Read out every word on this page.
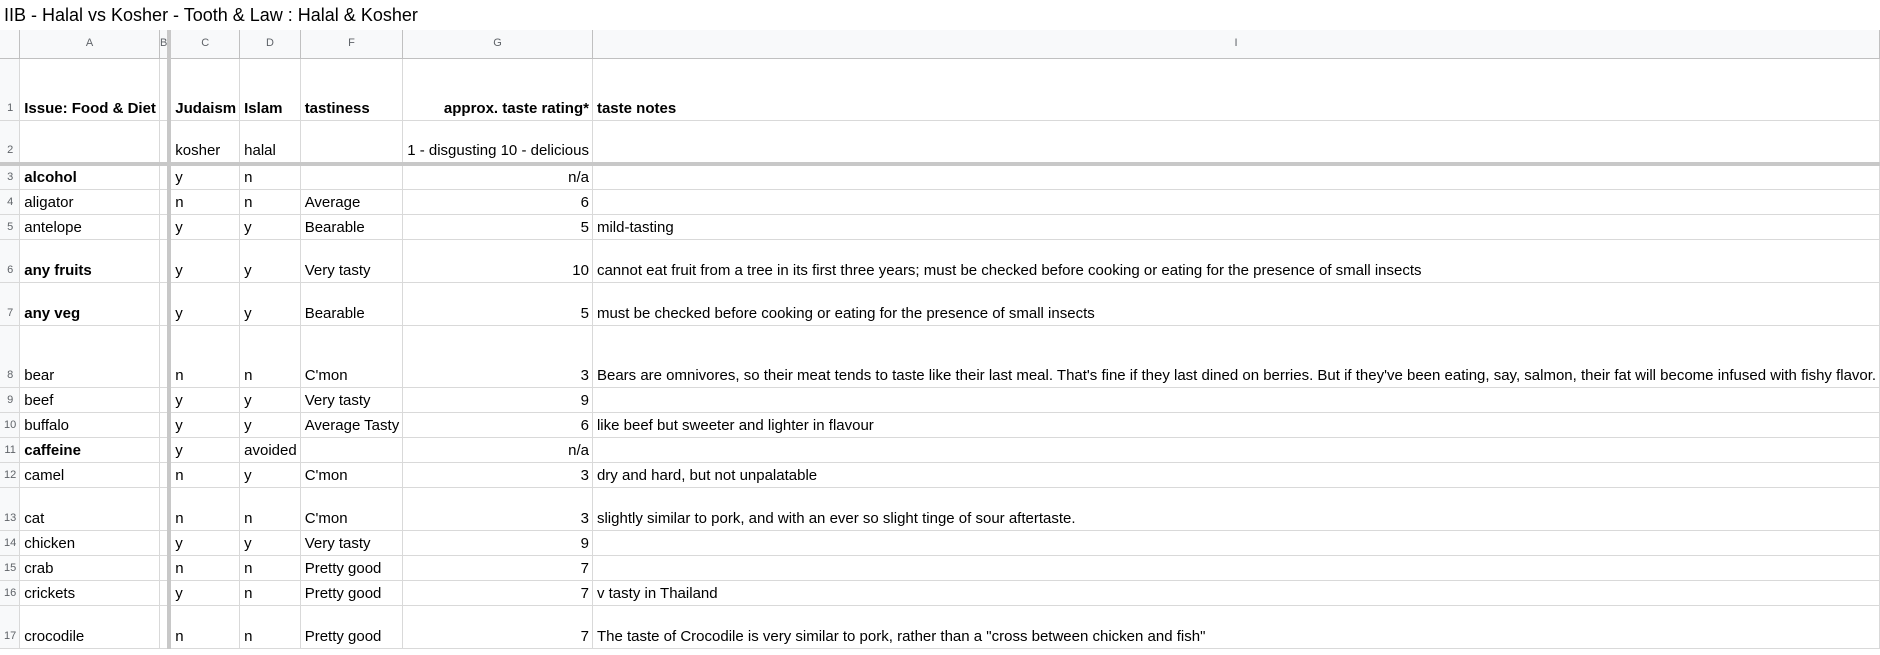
IIB - Halal vs Kosher - Tooth & Law : Halal & Kosher
	A	B	C	D	F	G	I
1	Issue: Food & Diet		Judaism	Islam	tastiness	approx. taste rating*	taste notes
2			kosher	halal		1 - disgusting 10 - delicious	
3	alcohol		y	n		n/a	
4	aligator		n	n	Average	6	
5	antelope		y	y	Bearable	5	mild-tasting
6	any fruits		y	y	Very tasty	10	cannot eat fruit from a tree in its first three years; must be checked before cooking or eating for the presence of small insects
7	any veg		y	y	Bearable	5	must be checked before cooking or eating for the presence of small insects
8	bear		n	n	C'mon	3	Bears are omnivores, so their meat tends to taste like their last meal. That's fine if they last dined on berries. But if they've been eating, say, salmon, their fat will become infused with fishy flavor.
9	beef		y	y	Very tasty	9	
10	buffalo		y	y	Average Tasty	6	like beef but sweeter and lighter in flavour
11	caffeine		y	avoided		n/a	
12	camel		n	y	C'mon	3	dry and hard, but not unpalatable
13	cat		n	n	C'mon	3	slightly similar to pork, and with an ever so slight tinge of sour aftertaste.
14	chicken		y	y	Very tasty	9	
15	crab		n	n	Pretty good	7	
16	crickets		y	n	Pretty good	7	v tasty in Thailand
17	crocodile		n	n	Pretty good	7	The taste of Crocodile is very similar to pork, rather than a "cross between chicken and fish"
